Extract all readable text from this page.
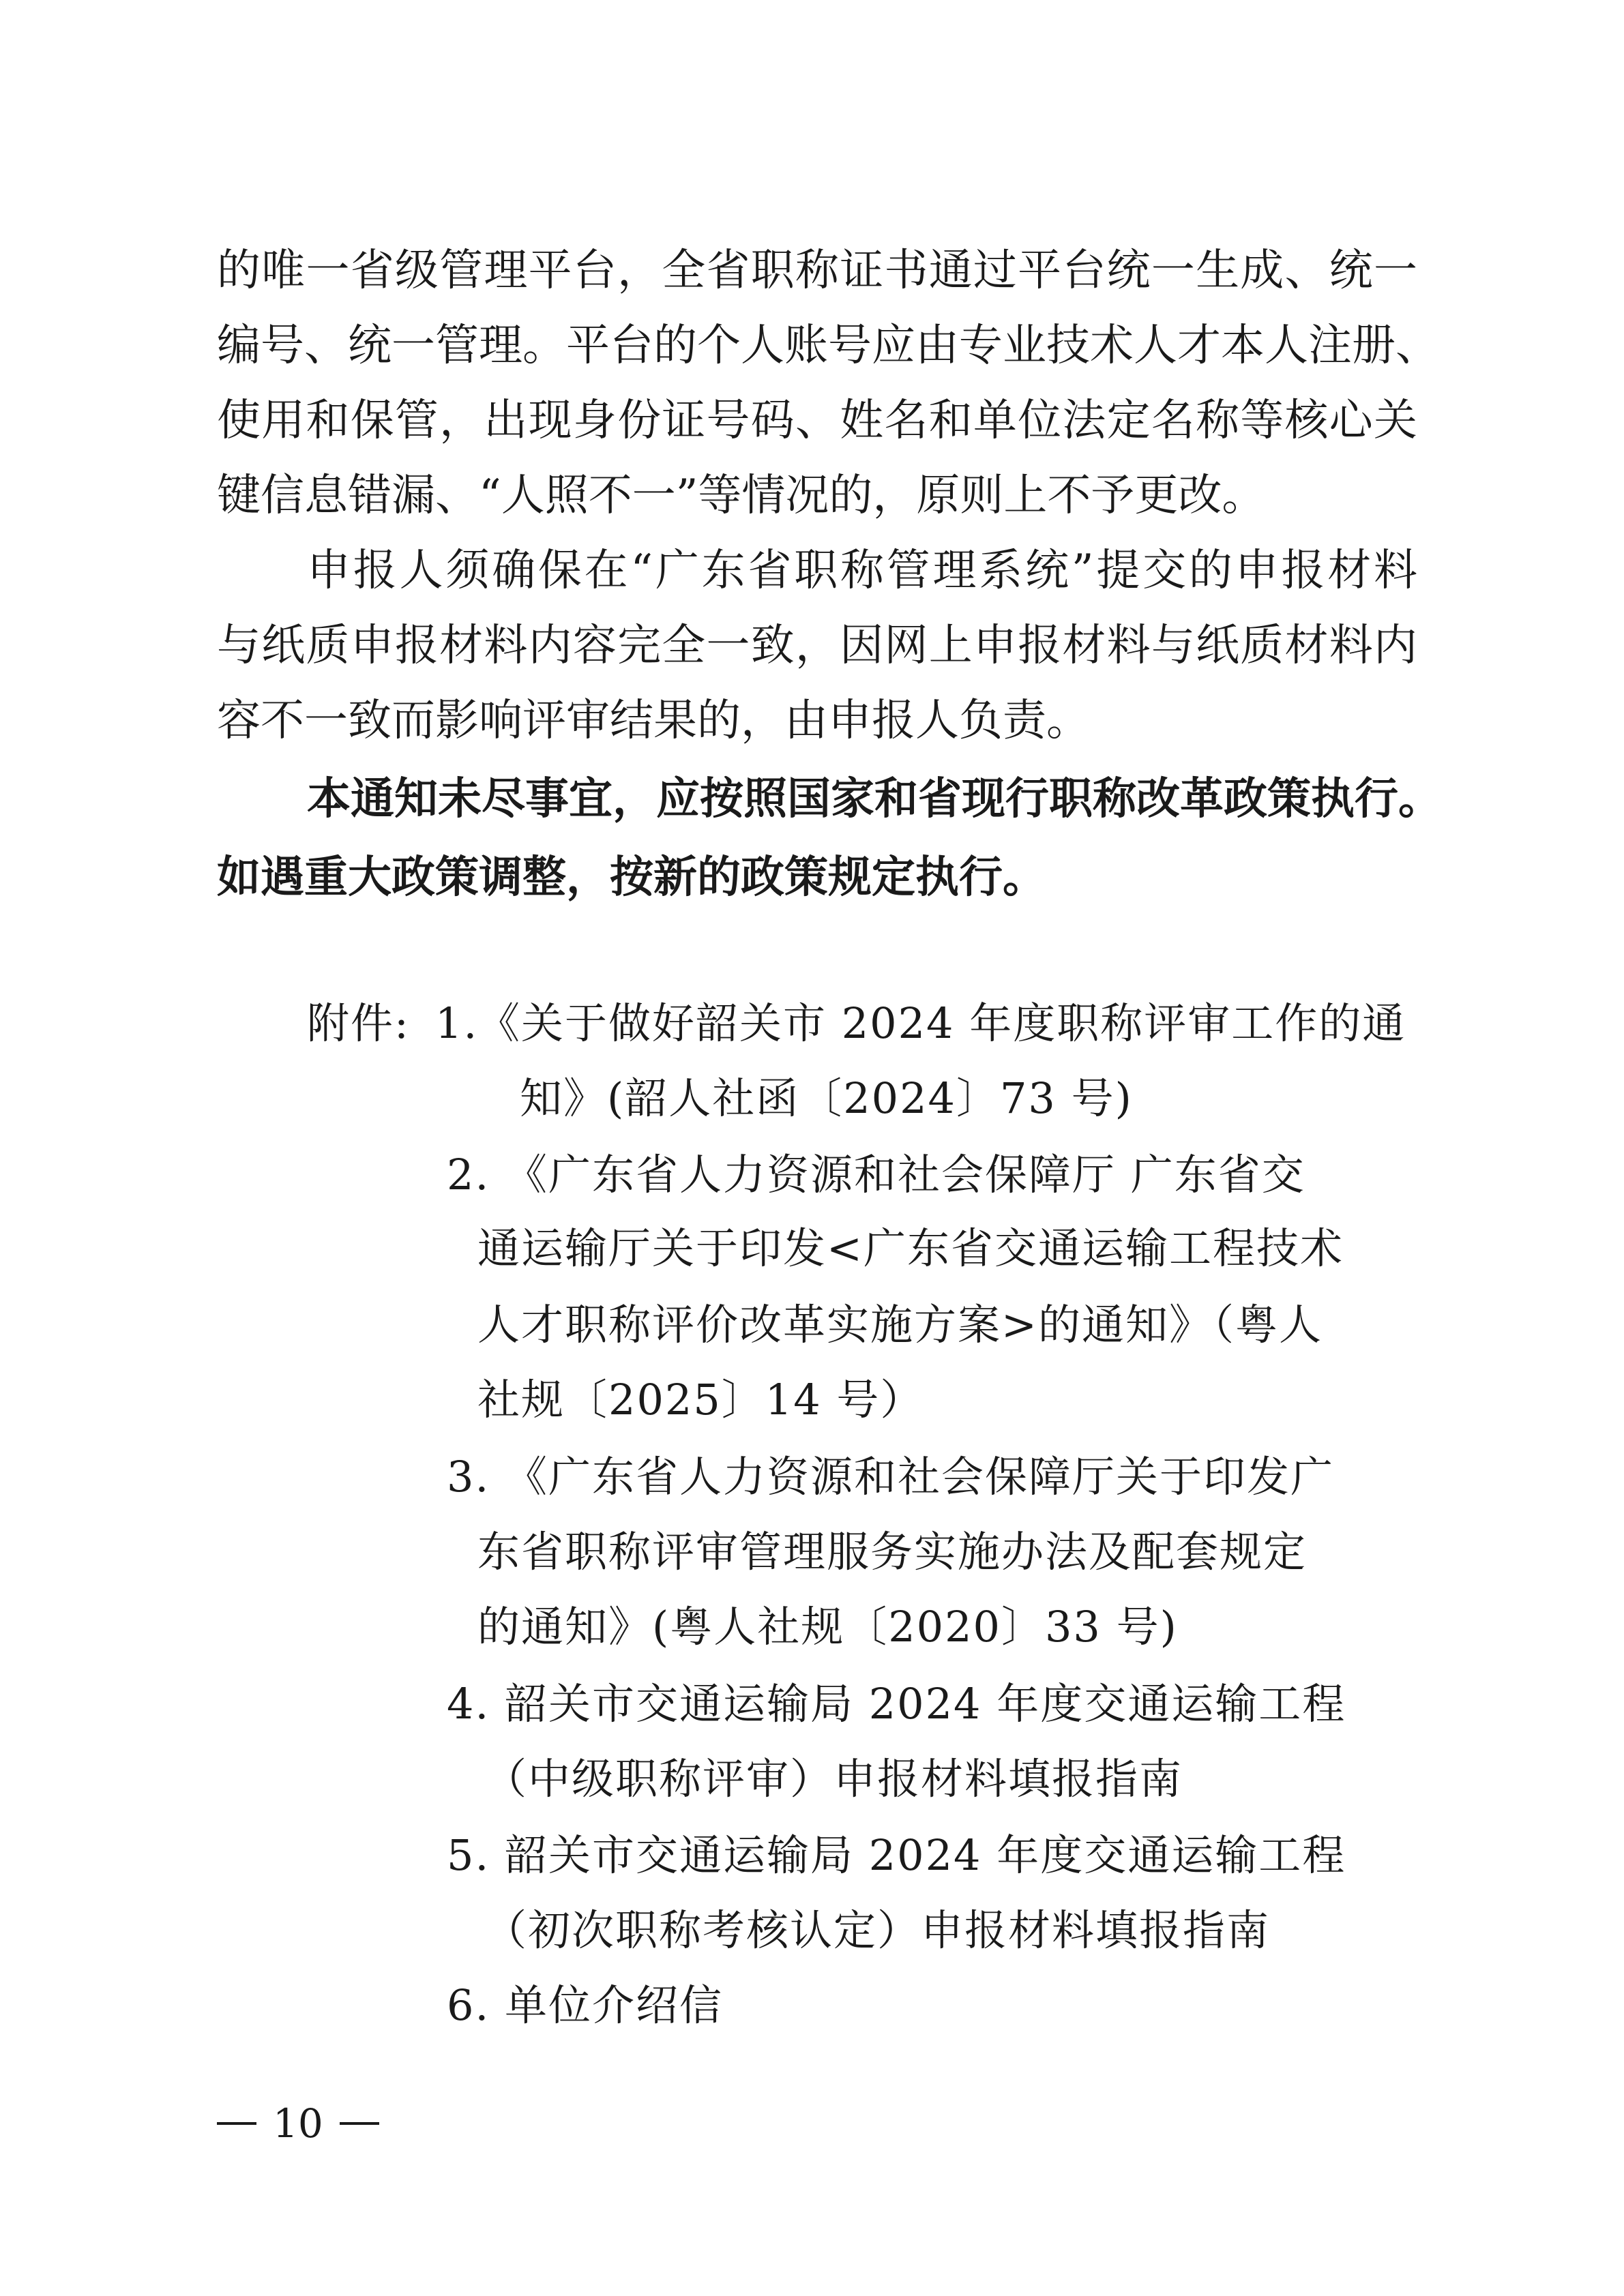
的唯一省级管理平台，全省职称证书通过平台统一生成、统一
编号、统一管理。平台的个人账号应由专业技术人才本人注册、
使用和保管，出现身份证号码、姓名和单位法定名称等核心关
键信息错漏、“人照不一”等情况的，原则上不予更改。
申报人须确保在“广东省职称管理系统”提交的申报材料
与纸质申报材料内容完全一致，因网上申报材料与纸质材料内
容不一致而影响评审结果的，由申报人负责。
本通知未尽事宜，应按照国家和省现行职称改革政策执行。
如遇重大政策调整，按新的政策规定执行。
附件: 1.
《关于做好韶关市 2024 年度职称评审工作的通
知》(韶人社函〔2024〕73 号)
2. 《广东省人力资源和社会保障厅 广东省交
通运输厅关于印发<广东省交通运输工程技术
人才职称评价改革实施方案>的通知》（粤人
社规〔2025〕14 号）
3. 《广东省人力资源和社会保障厅关于印发广
东省职称评审管理服务实施办法及配套规定
的通知》(粤人社规〔2020〕33 号)
4. 韶关市交通运输局 2024 年度交通运输工程
（中级职称评审）申报材料填报指南
5. 韶关市交通运输局 2024 年度交通运输工程
（初次职称考核认定）申报材料填报指南
6. 单位介绍信
10
